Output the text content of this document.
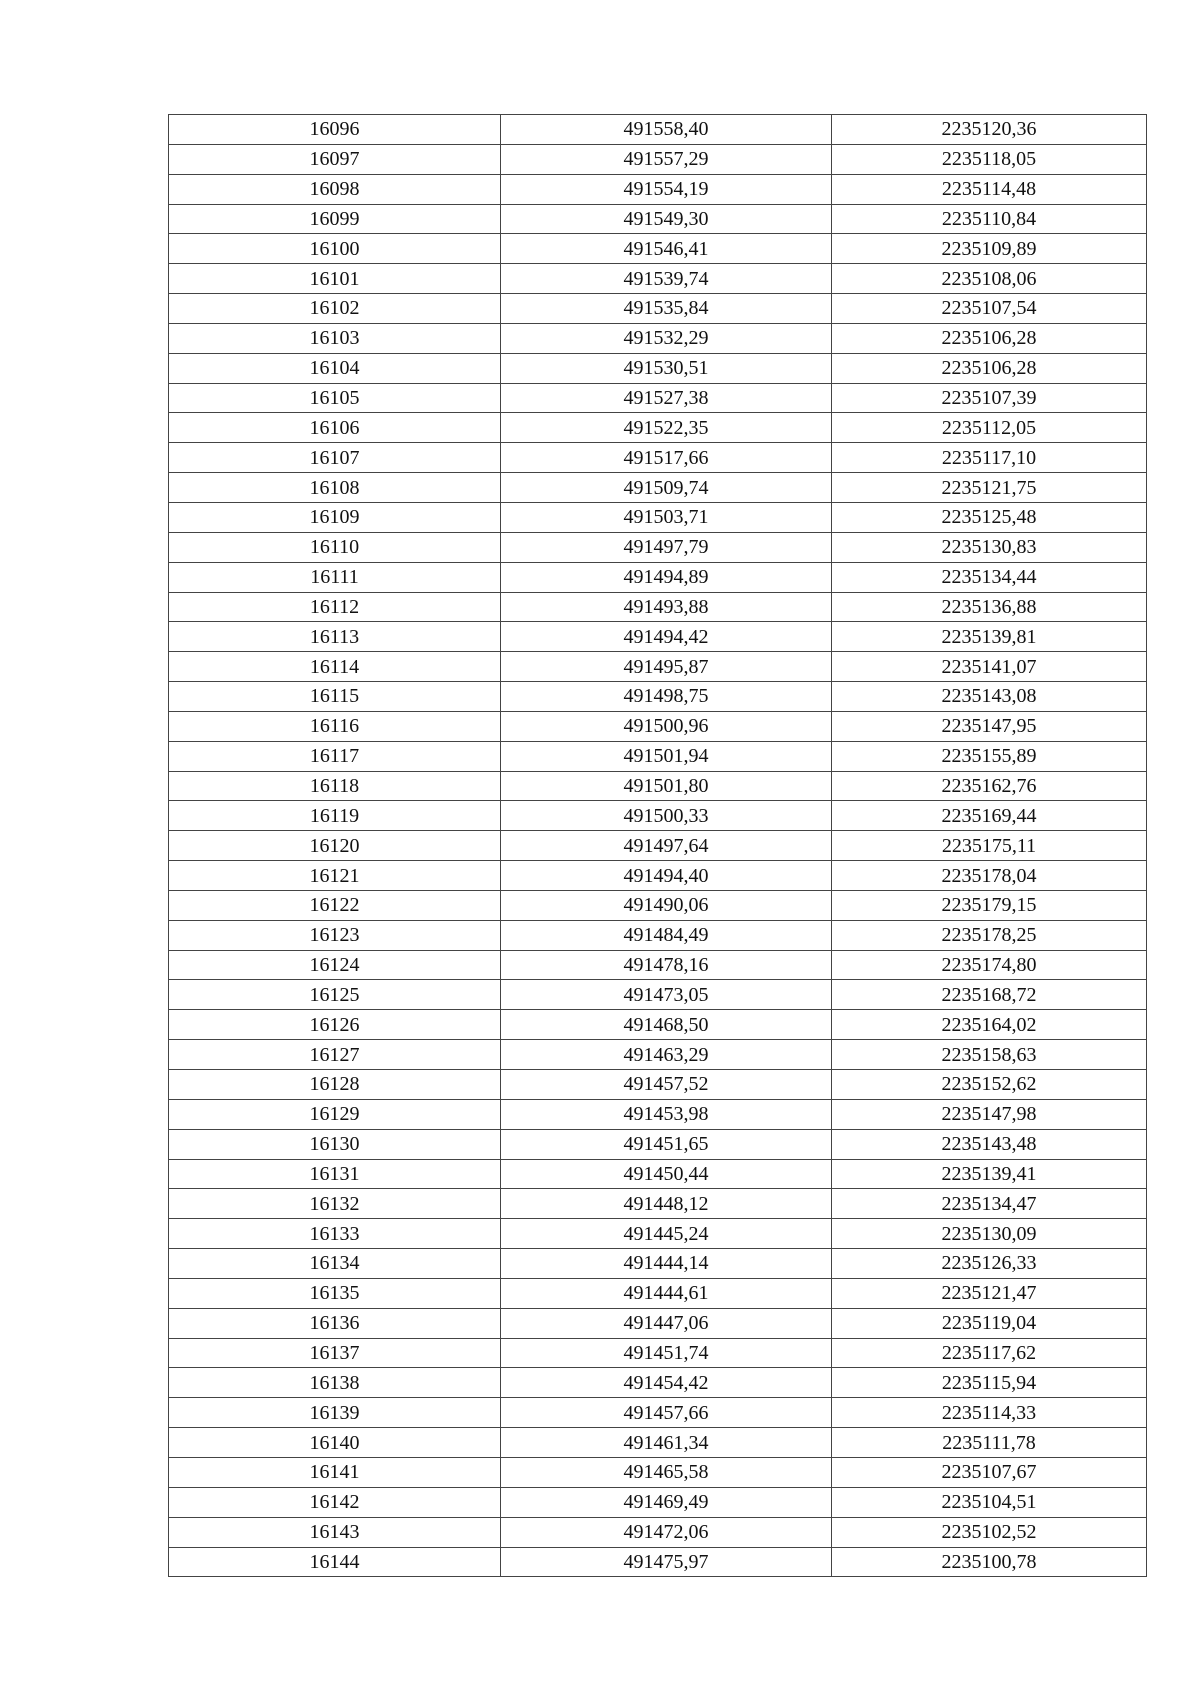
16096	491558,40	2235120,36
16097	491557,29	2235118,05
16098	491554,19	2235114,48
16099	491549,30	2235110,84
16100	491546,41	2235109,89
16101	491539,74	2235108,06
16102	491535,84	2235107,54
16103	491532,29	2235106,28
16104	491530,51	2235106,28
16105	491527,38	2235107,39
16106	491522,35	2235112,05
16107	491517,66	2235117,10
16108	491509,74	2235121,75
16109	491503,71	2235125,48
16110	491497,79	2235130,83
16111	491494,89	2235134,44
16112	491493,88	2235136,88
16113	491494,42	2235139,81
16114	491495,87	2235141,07
16115	491498,75	2235143,08
16116	491500,96	2235147,95
16117	491501,94	2235155,89
16118	491501,80	2235162,76
16119	491500,33	2235169,44
16120	491497,64	2235175,11
16121	491494,40	2235178,04
16122	491490,06	2235179,15
16123	491484,49	2235178,25
16124	491478,16	2235174,80
16125	491473,05	2235168,72
16126	491468,50	2235164,02
16127	491463,29	2235158,63
16128	491457,52	2235152,62
16129	491453,98	2235147,98
16130	491451,65	2235143,48
16131	491450,44	2235139,41
16132	491448,12	2235134,47
16133	491445,24	2235130,09
16134	491444,14	2235126,33
16135	491444,61	2235121,47
16136	491447,06	2235119,04
16137	491451,74	2235117,62
16138	491454,42	2235115,94
16139	491457,66	2235114,33
16140	491461,34	2235111,78
16141	491465,58	2235107,67
16142	491469,49	2235104,51
16143	491472,06	2235102,52
16144	491475,97	2235100,78
